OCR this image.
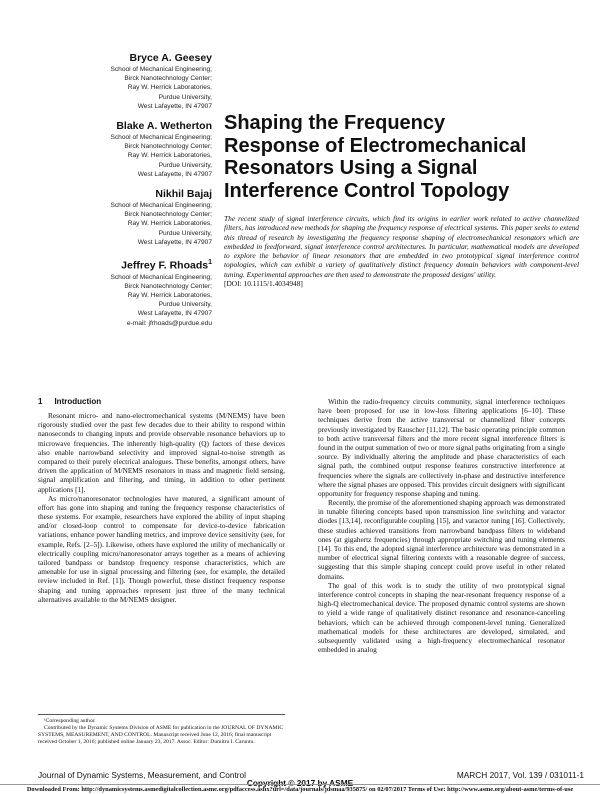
Bryce A. Geesey
School of Mechanical Engineering;
Birck Nanotechnology Center;
Ray W. Herrick Laboratories,
Purdue University,
West Lafayette, IN 47907
Blake A. Wetherton
School of Mechanical Engineering;
Birck Nanotechnology Center;
Ray W. Herrick Laboratories,
Purdue University,
West Lafayette, IN 47907
Nikhil Bajaj
School of Mechanical Engineering;
Birck Nanotechnology Center;
Ray W. Herrick Laboratories,
Purdue University,
West Lafayette, IN 47907
Jeffrey F. Rhoads$^1$
School of Mechanical Engineering;
Birck Nanotechnology Center;
Ray W. Herrick Laboratories,
Purdue University,
West Lafayette, IN 47907
e-mail: jfrhoads@purdue.edu
Shaping the Frequency
Response of Electromechanical
Resonators Using a Signal
Interference Control Topology
The recent study of signal interference circuits, which find its origins in earlier work related to active channelized filters, has introduced new methods for shaping the frequency response of electrical systems. This paper seeks to extend this thread of research by investigating the frequency response shaping of electromechanical resonators which are embedded in feedforward, signal interference control architectures. In particular, mathematical models are developed to explore the behavior of linear resonators that are embedded in two prototypical signal interference control topologies, which can exhibit a variety of qualitatively distinct frequency domain behaviors with component-level tuning. Experimental approaches are then used to demonstrate the proposed designs' utility.
[DOI: 10.1115/1.4034948]
1 Introduction

Resonant micro- and nano-electromechanical systems (M/NEMS) have been rigorously studied over the past few decades due to their ability to respond within nanoseconds to changing inputs and provide observable resonance behaviors up to microwave frequencies. The inherently high-quality (Q) factors of these devices also enable narrowband selectivity and improved signal-to-noise strength as compared to their purely electrical analogues. These benefits, amongst others, have driven the application of M/NEMS resonators in mass and magnetic field sensing, signal amplification and filtering, and timing, in addition to other pertinent applications [1].

As micro/nanoresonator technologies have matured, a significant amount of effort has gone into shaping and tuning the frequency response characteristics of these systems. For example, researchers have explored the ability of input shaping and/or closed-loop control to compensate for device-to-device fabrication variations, enhance power handling metrics, and improve device sensitivity (see, for example, Refs. [2–5]). Likewise, others have explored the utility of mechanically or electrically coupling micro/nanoresonator arrays together as a means of achieving tailored bandpass or bandstop frequency response characteristics, which are amenable for use in signal processing and filtering (see, for example, the detailed review included in Ref. [1]). Though powerful, these distinct frequency response shaping and tuning approaches represent just three of the many technical alternatives available to the M/NEMS designer.

Within the radio-frequency circuits community, signal interference techniques have been proposed for use in low-loss filtering applications [6–10]. These techniques derive from the active transversal or channelized filter concepts previously investigated by Rauscher [11,12]. The basic operating principle common to both active transversal filters and the more recent signal interference filters is found in the output summation of two or more signal paths originating from a single source. By individually altering the amplitude and phase characteristics of each signal path, the combined output response features constructive interference at frequencies where the signals are collectively in-phase and destructive interference where the signal phases are opposed. This provides circuit designers with significant opportunity for frequency response shaping and tuning.

Recently, the promise of the aforementioned shaping approach was demonstrated in tunable filtering concepts based upon transmission line switching and varactor diodes [13,14], reconfigurable coupling [15], and varactor tuning [16]. Collectively, these studies achieved transitions from narrowband bandpass filters to wideband ones (at gigahertz frequencies) through appropriate switching and tuning elements [14]. To this end, the adopted signal interference architecture was demonstrated in a number of electrical signal filtering contexts with a reasonable degree of success, suggesting that this simple shaping concept could prove useful in other related domains.

The goal of this work is to study the utility of two prototypical signal interference control concepts in shaping the near-resonant frequency response of a high-Q electromechanical device. The proposed dynamic control systems are shown to yield a wide range of qualitatively distinct resonance and resonance-canceling behaviors, which can be achieved through component-level tuning. Generalized mathematical models for these architectures are developed, simulated, and subsequently validated using a high-frequency electromechanical resonator embedded in analog

¹Corresponding author.

Contributed by the Dynamic Systems Division of ASME for publication in the JOURNAL OF DYNAMIC SYSTEMS, MEASUREMENT, AND CONTROL. Manuscript received June 12, 2016; final manuscript received October 1, 2016; published online January 23, 2017. Assoc. Editor: Dumitru I. Caruntu.

Journal of Dynamic Systems, Measurement, and Control	MARCH 2017, Vol. 139 / 031011-1
Copyright © 2017 by ASME
Downloaded From: http://dynamicsystems.asmedigitalcollection.asme.org/pdfaccess.ashx?url=/data/journals/jdsmaa/935875/ on 02/07/2017 Terms of Use: http://www.asme.org/about-asme/terms-of-use
